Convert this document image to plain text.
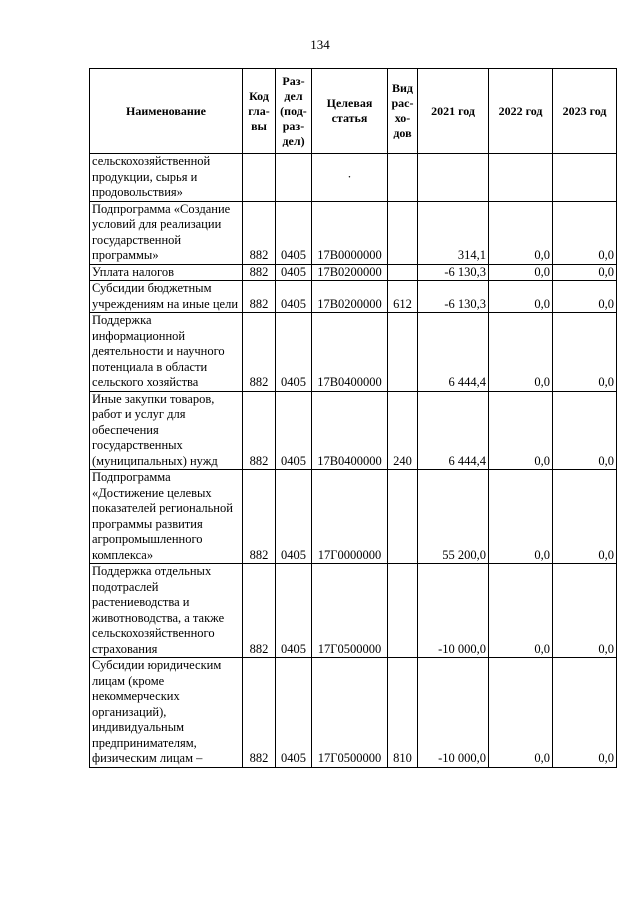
134
Наименование	Код гла- вы	Раз- дел (под- раз- дел)	Целевая статья	Вид рас- хо- дов	2021 год	2022 год	2023 год
сельскохозяйственной продукции, сырья и продовольствия»			·				
Подпрограмма «Создание условий для реализации государственной программы»	882	0405	17В0000000		314,1	0,0	0,0
Уплата налогов	882	0405	17В0200000		-6 130,3	0,0	0,0
Субсидии бюджетным учреждениям на иные цели	882	0405	17В0200000	612	-6 130,3	0,0	0,0
Поддержка информационной деятельности и научного потенциала в области сельского хозяйства	882	0405	17В0400000		6 444,4	0,0	0,0
Иные закупки товаров, работ и услуг для обеспечения государственных (муниципальных) нужд	882	0405	17В0400000	240	6 444,4	0,0	0,0
Подпрограмма «Достижение целевых показателей региональной программы развития агропромышленного комплекса»	882	0405	17Г0000000		55 200,0	0,0	0,0
Поддержка отдельных подотраслей растениеводства и животноводства, а также сельскохозяйственного страхования	882	0405	17Г0500000		-10 000,0	0,0	0,0
Субсидии юридическим лицам (кроме некоммерческих организаций), индивидуальным предпринимателям, физическим лицам –	882	0405	17Г0500000	810	-10 000,0	0,0	0,0
